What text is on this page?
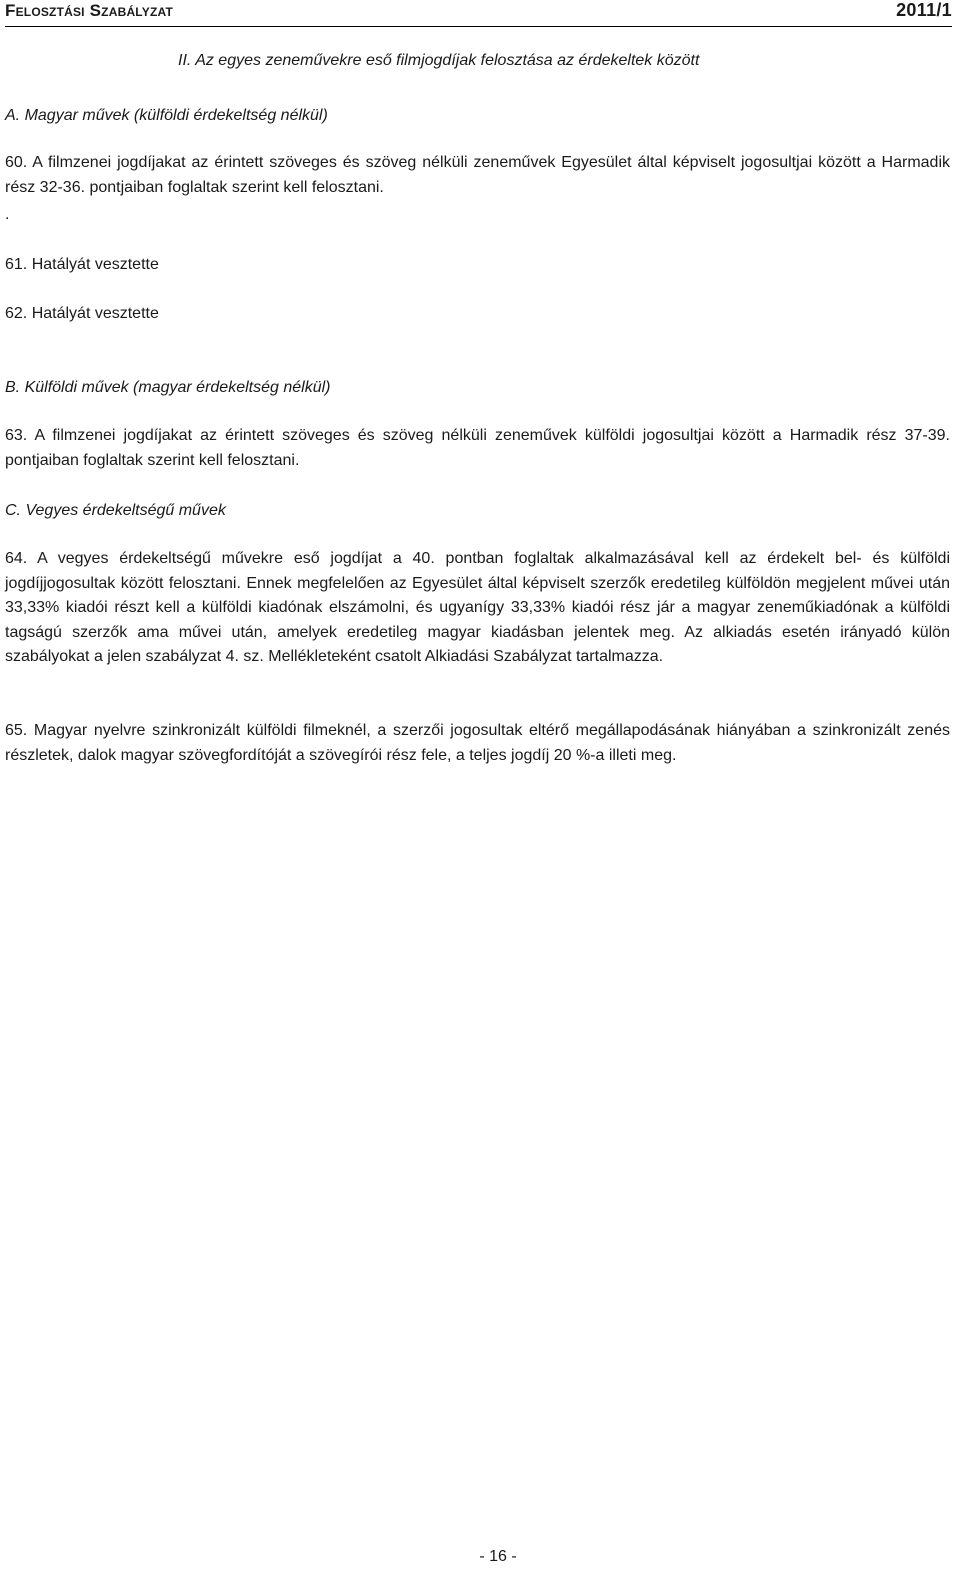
Felosztási Szabályzat	2011/1
II. Az egyes zeneművekre eső filmjogdíjak felosztása az érdekeltek között
A. Magyar művek (külföldi érdekeltség nélkül)
60. A filmzenei jogdíjakat az érintett szöveges és szöveg nélküli zeneművek Egyesület által képviselt jogosultjai között a Harmadik rész 32-36. pontjaiban foglaltak szerint kell felosztani.
.
61. Hatályát vesztette
62. Hatályát vesztette
B. Külföldi művek (magyar érdekeltség nélkül)
63. A filmzenei jogdíjakat az érintett szöveges és szöveg nélküli zeneművek külföldi jogosultjai között a Harmadik rész 37-39. pontjaiban foglaltak szerint kell felosztani.
C. Vegyes érdekeltségű művek
64. A vegyes érdekeltségű művekre eső jogdíjat a 40. pontban foglaltak alkalmazásával kell az érdekelt bel- és külföldi jogdíjjogosultak között felosztani. Ennek megfelelően az Egyesület által képviselt szerzők eredetileg külföldön megjelent művei után 33,33% kiadói részt kell a külföldi kiadónak elszámolni, és ugyanígy 33,33% kiadói rész jár a magyar zeneműkiadónak a külföldi tagságú szerzők ama művei után, amelyek eredetileg magyar kiadásban jelentek meg. Az alkiadás esetén irányadó külön szabályokat a jelen szabályzat 4. sz. Mellékleteként csatolt Alkiadási Szabályzat tartalmazza.
65. Magyar nyelvre szinkronizált külföldi filmeknél, a szerzői jogosultak eltérő megállapodásának hiányában a szinkronizált zenés részletek, dalok magyar szövegfordítóját a szövegírói rész fele, a teljes jogdíj 20 %-a illeti meg.
- 16 -
